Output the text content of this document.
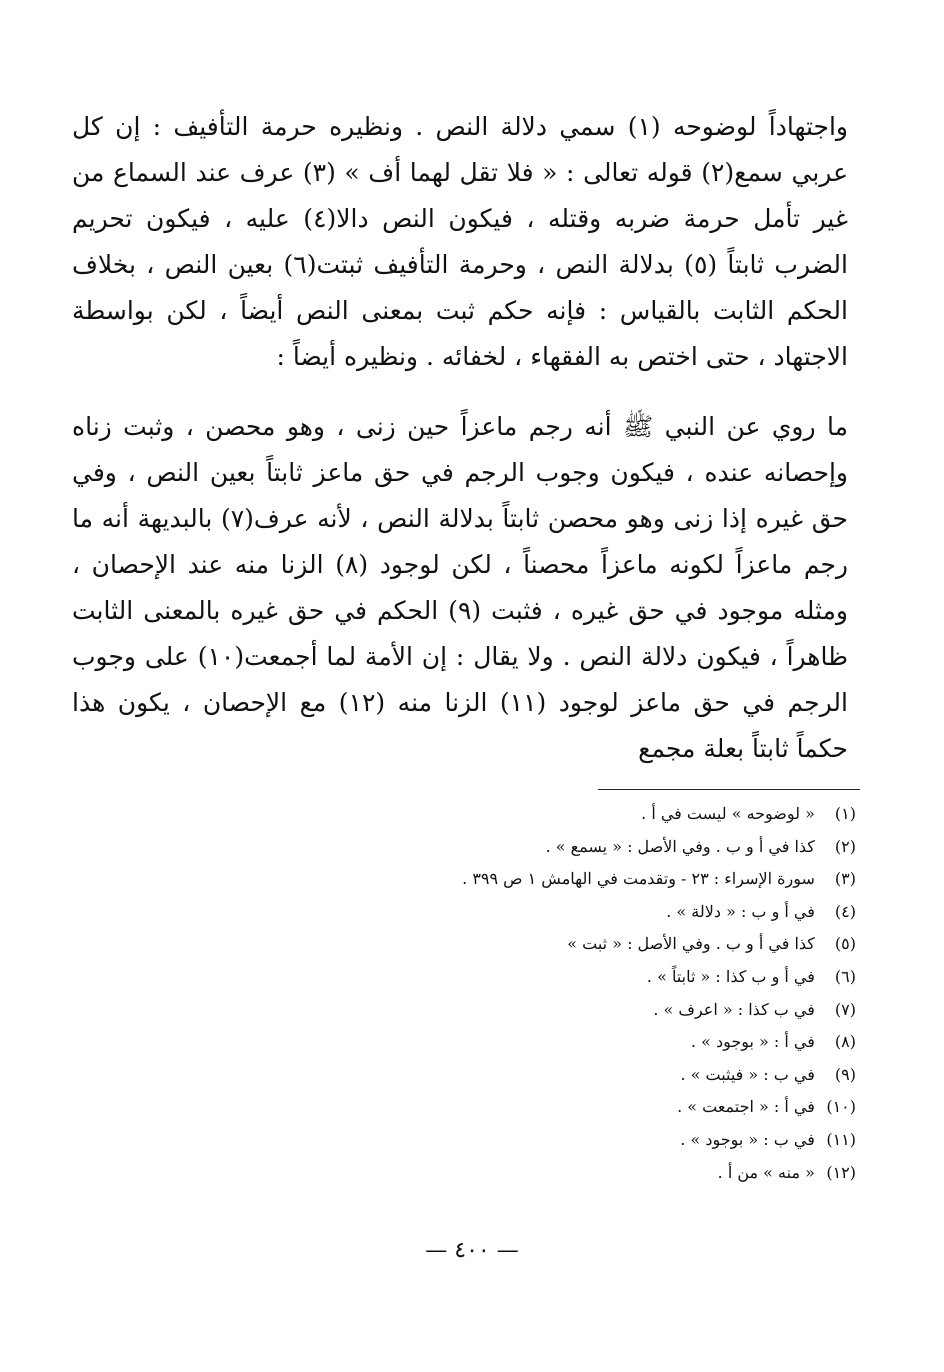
واجتهاداً لوضوحه (١) سمي دلالة النص . ونظيره حرمة التأفيف : إن كل عربي سمع(٢) قوله تعالى : « فلا تقل لهما أف » (٣) عرف عند السماع من غير تأمل حرمة ضربه وقتله ، فيكون النص دالا(٤) عليه ، فيكون تحريم الضرب ثابتاً (٥) بدلالة النص ، وحرمة التأفيف ثبتت(٦) بعين النص ، بخلاف الحكم الثابت بالقياس : فإنه حكم ثبت بمعنى النص أيضاً ، لكن بواسطة الاجتهاد ، حتى اختص به الفقهاء ، لخفائه . ونظيره أيضاً :

ما روي عن النبي ﷺ أنه رجم ماعزاً حين زنى ، وهو محصن ، وثبت زناه وإحصانه عنده ، فيكون وجوب الرجم في حق ماعز ثابتاً بعين النص ، وفي حق غيره إذا زنى وهو محصن ثابتاً بدلالة النص ، لأنه عرف(٧) بالبديهة أنه ما رجم ماعزاً لكونه ماعزاً محصناً ، لكن لوجود (٨) الزنا منه عند الإحصان ، ومثله موجود في حق غيره ، فثبت (٩) الحكم في حق غيره بالمعنى الثابت ظاهراً ، فيكون دلالة النص . ولا يقال : إن الأمة لما أجمعت(١٠) على وجوب الرجم في حق ماعز لوجود (١١) الزنا منه (١٢) مع الإحصان ، يكون هذا حكماً ثابتاً بعلة مجمع

(١) « لوضوحه » ليست في أ .
(٢) كذا في أ و ب . وفي الأصل : « يسمع » .
(٣) سورة الإسراء : ٢٣ - وتقدمت في الهامش ١ ص ٣٩٩ .
(٤) في أ و ب : « دلالة » .
(٥) كذا في أ و ب . وفي الأصل : « ثبت »
(٦) في أ و ب كذا : « ثابتاً » .
(٧) في ب كذا : « اعرف » .
(٨) في أ : « بوجود » .
(٩) في ب : « فيثبت » .
(١٠) في أ : « اجتمعت » .
(١١) في ب : « بوجود » .
(١٢) « منه » من أ .
— ٤٠٠ —
